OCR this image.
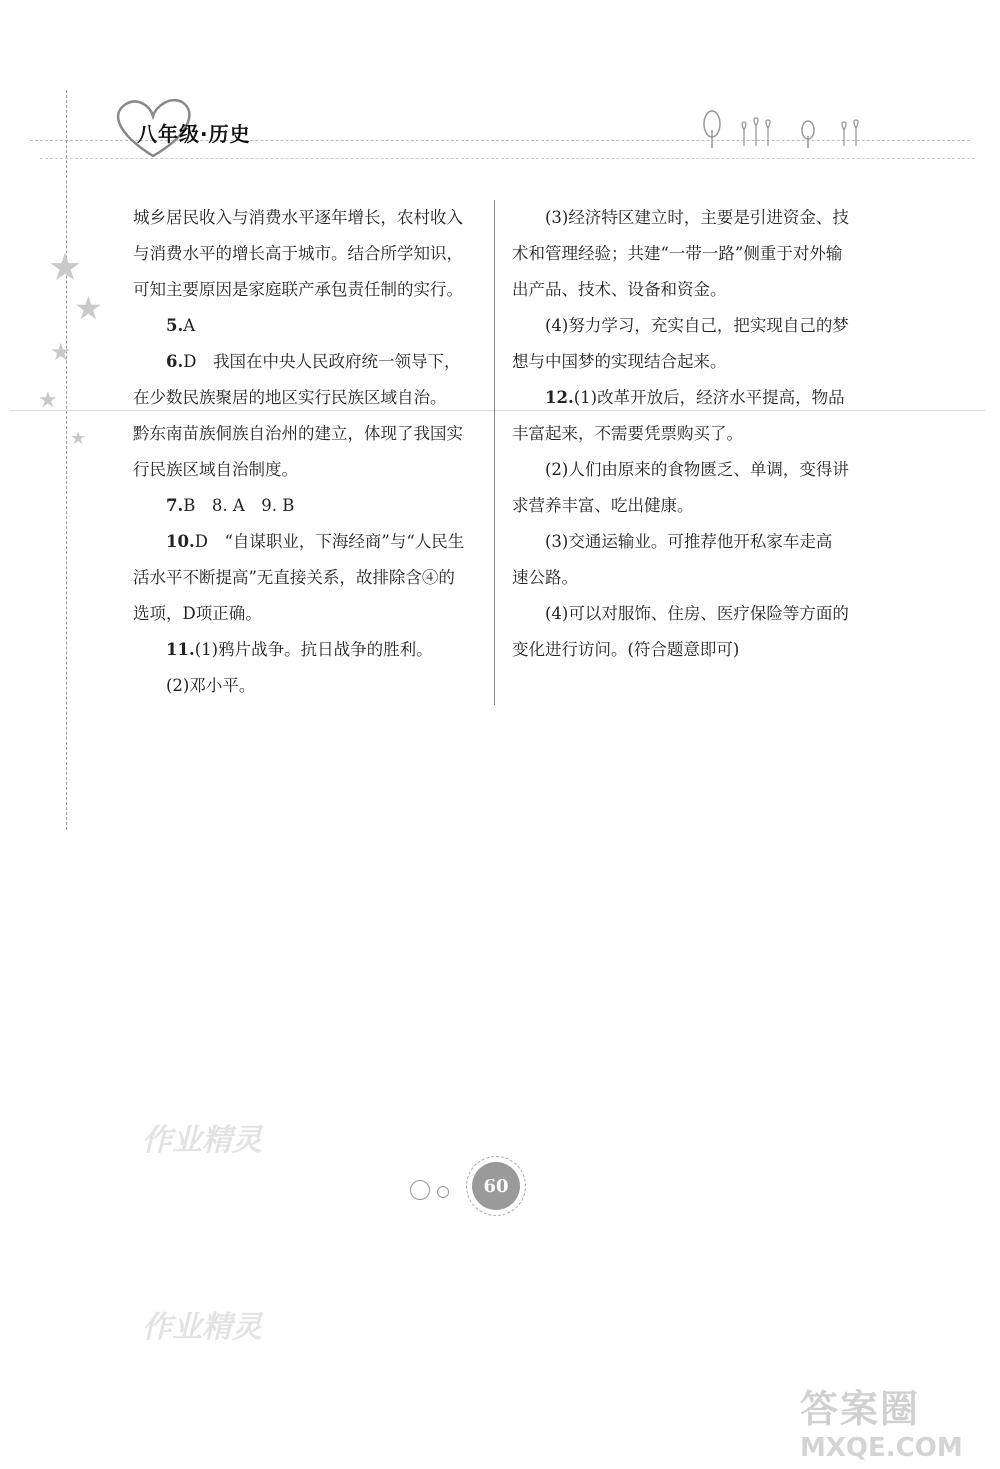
八年级·历史
★
★
★
★
★

城乡居民收入与消费水平逐年增长，农村收入

与消费水平的增长高于城市。结合所学知识，

可知主要原因是家庭联产承包责任制的实行。

5.A

6.D　我国在中央人民政府统一领导下，

在少数民族聚居的地区实行民族区域自治。

黔东南苗族侗族自治州的建立，体现了我国实

行民族区域自治制度。

7.B　8. A　9. B

10.D　“自谋职业，下海经商”与“人民生

活水平不断提高”无直接关系，故排除含④的

选项，D项正确。

11.(1)鸦片战争。抗日战争的胜利。

(2)邓小平。

(3)经济特区建立时，主要是引进资金、技

术和管理经验；共建“一带一路”侧重于对外输

出产品、技术、设备和资金。

(4)努力学习，充实自己，把实现自己的梦

想与中国梦的实现结合起来。

12.(1)改革开放后，经济水平提高，物品

丰富起来，不需要凭票购买了。

(2)人们由原来的食物匮乏、单调，变得讲

求营养丰富、吃出健康。

(3)交通运输业。可推荐他开私家车走高

速公路。

(4)可以对服饰、住房、医疗保险等方面的

变化进行访问。(符合题意即可)

作业精灵
作业精灵
60
答案圈
MXQE.COM
